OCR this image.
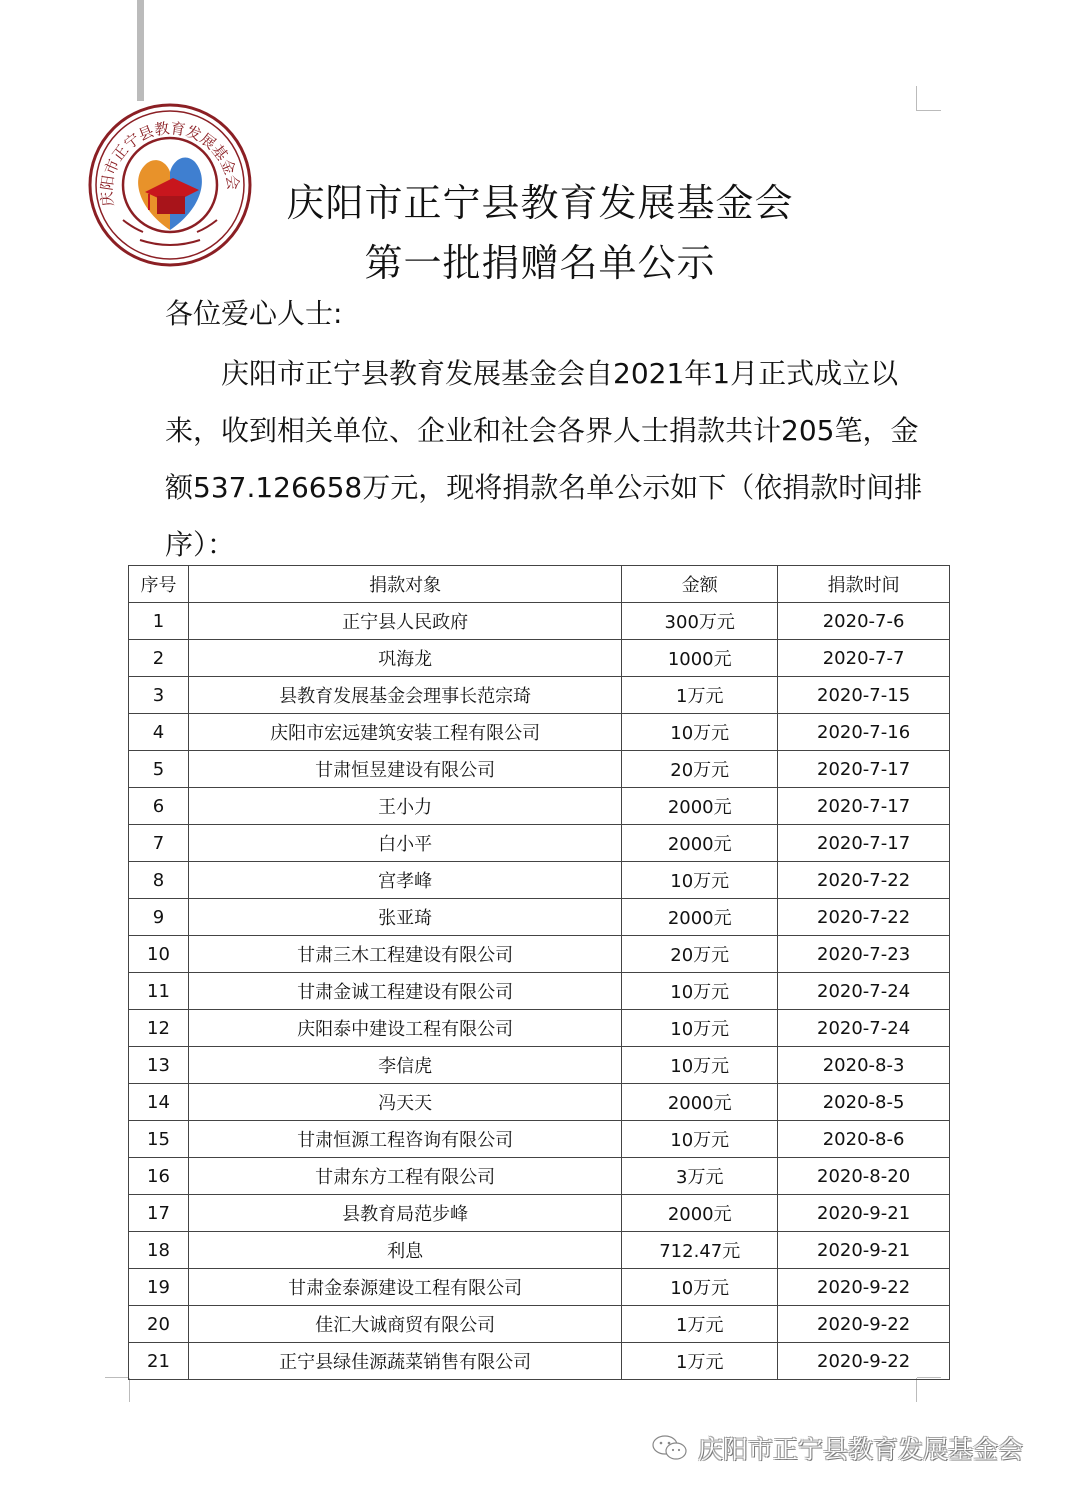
庆阳市正宁县教育发展基金会	庆阳市正宁县教育发展基金会
第一批捐赠名单公示
各位爱心人士:
庆阳市正宁县教育发展基金会自2021年1月正式成立以来，收到相关单位、企业和社会各界人士捐款共计205笔，金额537.126658万元，现将捐款名单公示如下（依捐款时间排序）：
序号	捐款对象	金额	捐款时间
1	正宁县人民政府	300万元	2020-7-6
2	巩海龙	1000元	2020-7-7
3	县教育发展基金会理事长范宗琦	1万元	2020-7-15
4	庆阳市宏远建筑安装工程有限公司	10万元	2020-7-16
5	甘肃恒昱建设有限公司	20万元	2020-7-17
6	王小力	2000元	2020-7-17
7	白小平	2000元	2020-7-17
8	宫孝峰	10万元	2020-7-22
9	张亚琦	2000元	2020-7-22
10	甘肃三木工程建设有限公司	20万元	2020-7-23
11	甘肃金诚工程建设有限公司	10万元	2020-7-24
12	庆阳泰中建设工程有限公司	10万元	2020-7-24
13	李信虎	10万元	2020-8-3
14	冯天天	2000元	2020-8-5
15	甘肃恒源工程咨询有限公司	10万元	2020-8-6
16	甘肃东方工程有限公司	3万元	2020-8-20
17	县教育局范步峰	2000元	2020-9-21
18	利息	712.47元	2020-9-21
19	甘肃金泰源建设工程有限公司	10万元	2020-9-22
20	佳汇大诚商贸有限公司	1万元	2020-9-22
21	正宁县绿佳源蔬菜销售有限公司	1万元	2020-9-22
庆阳市正宁县教育发展基金会
